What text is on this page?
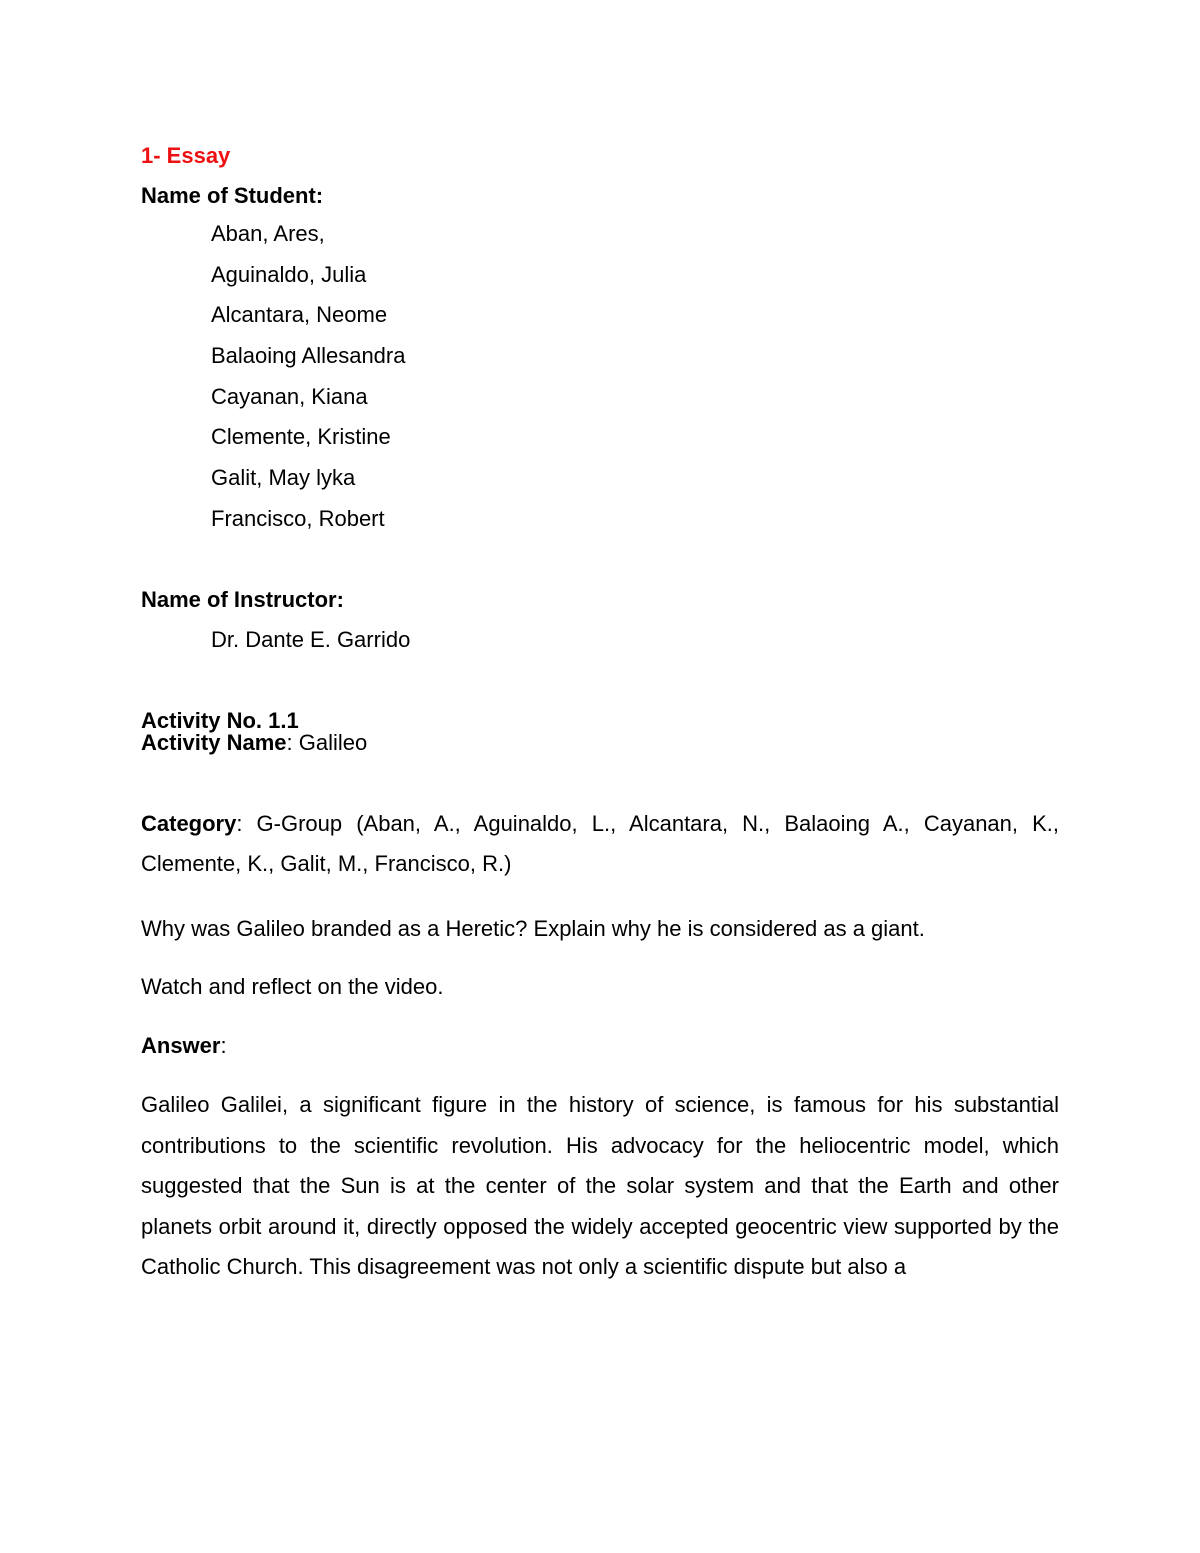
1- Essay
Name of Student:
Aban, Ares,
Aguinaldo, Julia
Alcantara, Neome
Balaoing Allesandra
Cayanan, Kiana
Clemente, Kristine
Galit, May lyka
Francisco, Robert
Name of Instructor:
Dr. Dante E. Garrido
Activity No. 1.1

Activity Name: Galileo

Category: G-Group (Aban, A., Aguinaldo, L., Alcantara, N., Balaoing A., Cayanan, K., Clemente, K., Galit, M., Francisco, R.)

Why was Galileo branded as a Heretic? Explain why he is considered as a giant.

Watch and reflect on the video.

Answer:

Galileo Galilei, a significant figure in the history of science, is famous for his substantial contributions to the scientific revolution. His advocacy for the heliocentric model, which suggested that the Sun is at the center of the solar system and that the Earth and other planets orbit around it, directly opposed the widely accepted geocentric view supported by the Catholic Church. This disagreement was not only a scientific dispute but also a
